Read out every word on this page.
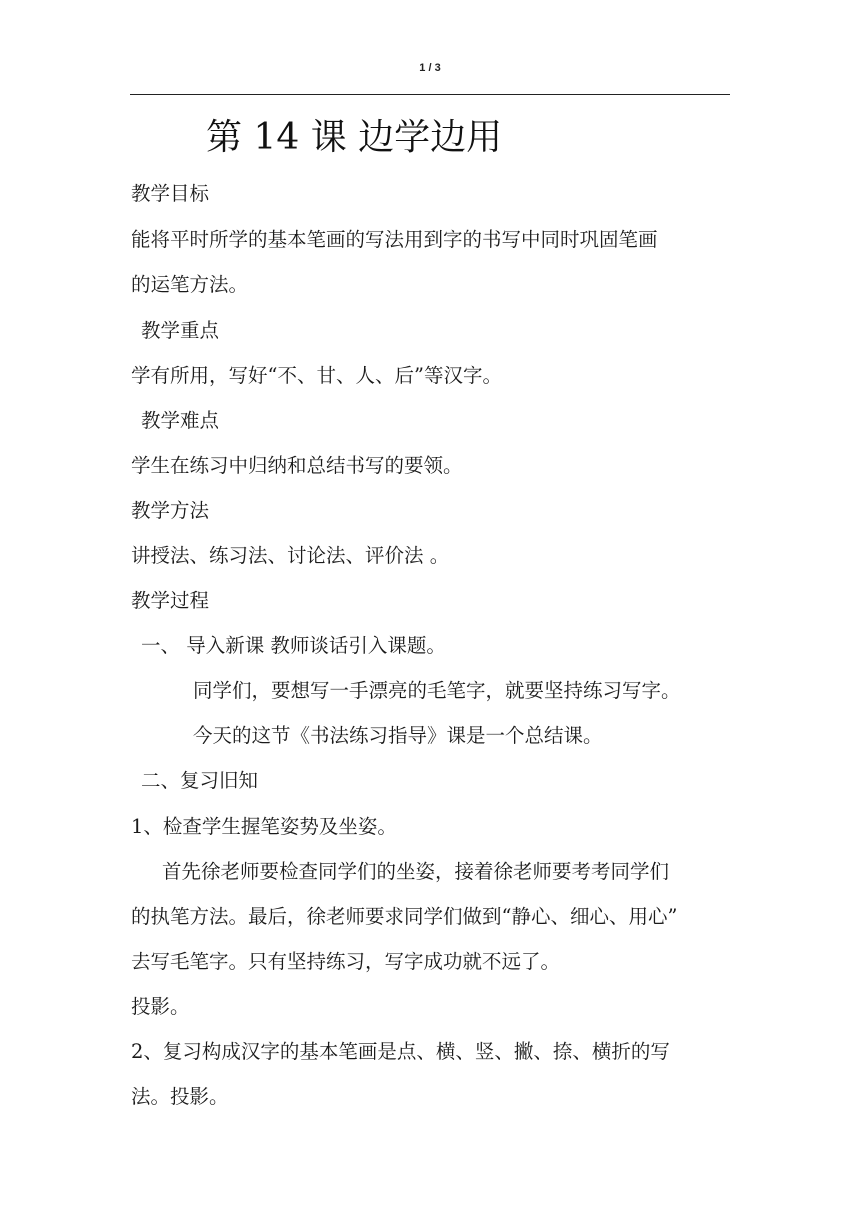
1 / 3
第 14 课 边学边用
教学目标
能将平时所学的基本笔画的写法用到字的书写中同时巩固笔画
的运笔方法。
教学重点
学有所用，写好“不、甘、人、后”等汉字。
教学难点
学生在练习中归纳和总结书写的要领。
教学方法
讲授法、练习法、讨论法、评价法 。
教学过程
一、 导入新课 教师谈话引入课题。
同学们，要想写一手漂亮的毛笔字，就要坚持练习写字。
今天的这节《书法练习指导》课是一个总结课。
二、复习旧知
1、检查学生握笔姿势及坐姿。
首先徐老师要检查同学们的坐姿，接着徐老师要考考同学们
的执笔方法。最后，徐老师要求同学们做到“静心、细心、用心”
去写毛笔字。只有坚持练习，写字成功就不远了。
投影。
2、复习构成汉字的基本笔画是点、横、竖、撇、捺、横折的写
法。投影。
